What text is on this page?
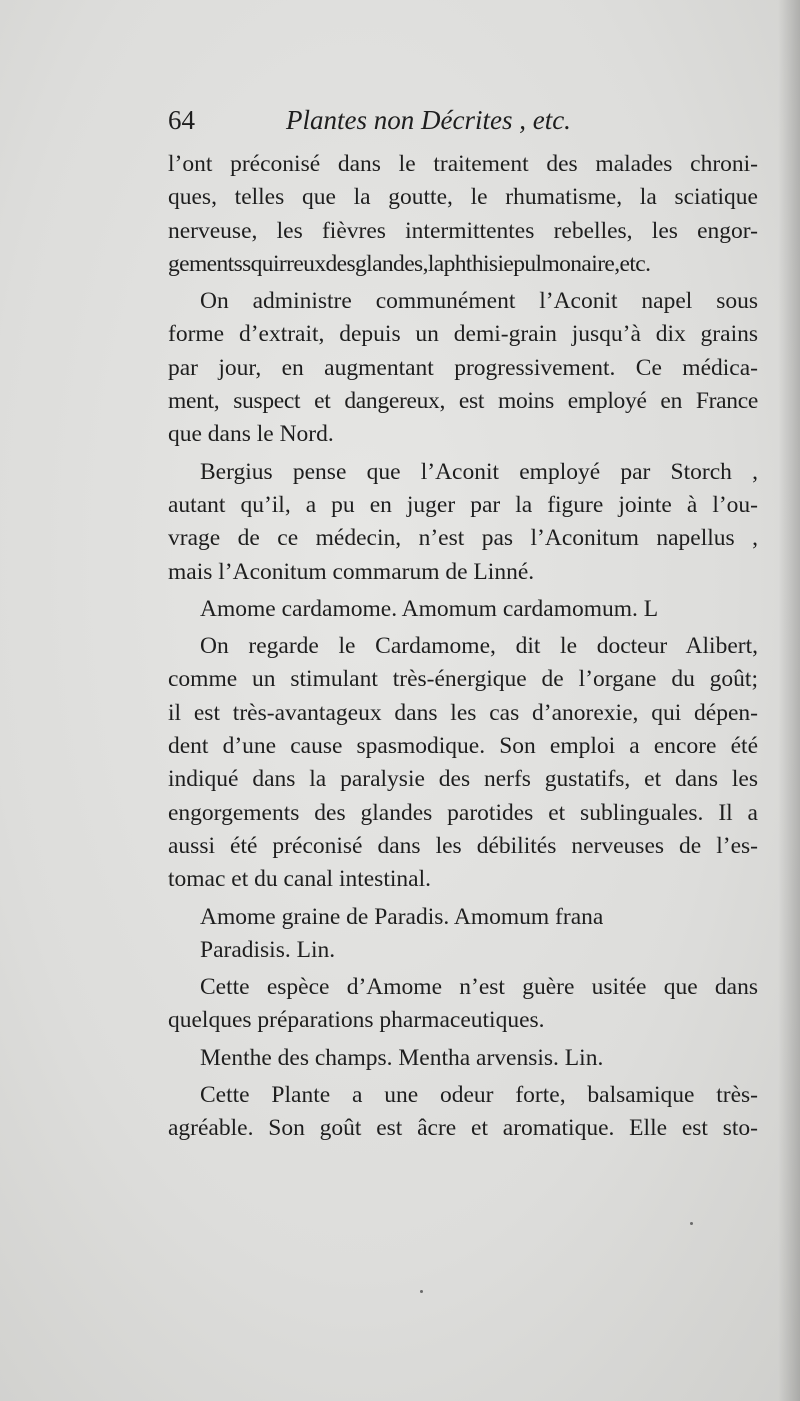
64	Plantes non Décrites , etc.
l’ont préconisé dans le traitement des malades chroni-
ques, telles que la goutte, le rhumatisme, la sciatique
nerveuse, les fièvres intermittentes rebelles, les engor-
gementssquirreuxdesglandes,laphthisiepulmonaire,etc.
On administre communément l’Aconit napel sous
forme d’extrait, depuis un demi-grain jusqu’à dix grains
par jour, en augmentant progressivement. Ce médica-
ment, suspect et dangereux, est moins employé en France
que dans le Nord.
Bergius pense que l’Aconit employé par Storch ,
autant qu’il, a pu en juger par la figure jointe à l’ou-
vrage de ce médecin, n’est pas l’Aconitum napellus ,
mais l’Aconitum commarum de Linné.
Amome cardamome. Amomum cardamomum. L
On regarde le Cardamome, dit le docteur Alibert,
comme un stimulant très-énergique de l’organe du goût;
il est très-avantageux dans les cas d’anorexie, qui dépen-
dent d’une cause spasmodique. Son emploi a encore été
indiqué dans la paralysie des nerfs gustatifs, et dans les
engorgements des glandes parotides et sublinguales. Il a
aussi été préconisé dans les débilités nerveuses de l’es-
tomac et du canal intestinal.
Amome graine de Paradis. Amomum frana
Paradisis. Lin.
Cette espèce d’Amome n’est guère usitée que dans
quelques préparations pharmaceutiques.
Menthe des champs. Mentha arvensis. Lin.
Cette Plante a une odeur forte, balsamique très-
agréable. Son goût est âcre et aromatique. Elle est sto-
